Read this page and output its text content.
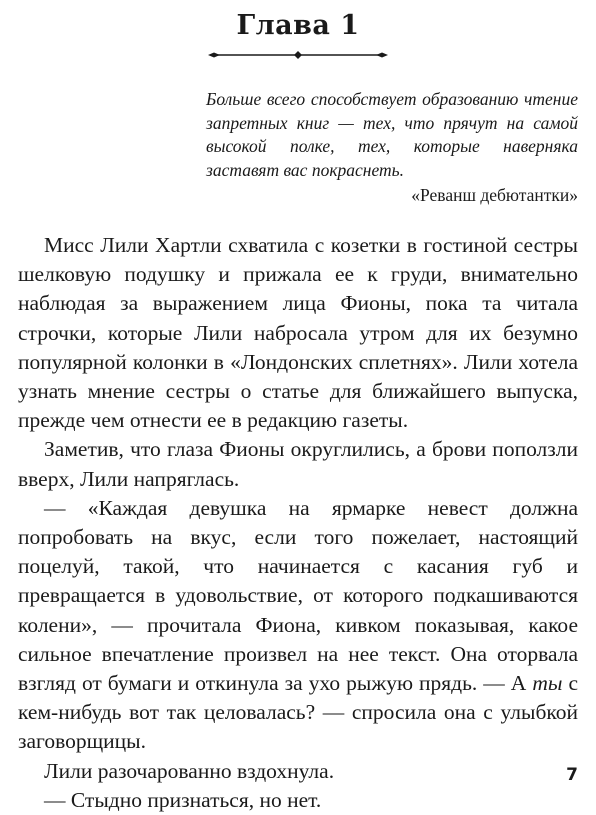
Глава 1

Больше всего способствует образованию чтение запретных книг — тех, что прячут на самой высокой полке, тех, которые наверняка заставят вас покраснеть.

«Реванш дебютантки»

Мисс Лили Хартли схватила с козетки в гостиной сестры шелковую подушку и прижала ее к груди, внимательно наблюдая за выражением лица Фионы, пока та читала строчки, которые Лили набросала утром для их безумно популярной колонки в «Лондонских сплетнях». Лили хотела узнать мнение сестры о статье для ближайшего выпуска, прежде чем отнести ее в редакцию газеты.

Заметив, что глаза Фионы округлились, а брови поползли вверх, Лили напряглась.

— «Каждая девушка на ярмарке невест должна попробовать на вкус, если того пожелает, настоящий поцелуй, такой, что начинается с касания губ и превращается в удовольствие, от которого подкашиваются колени», — прочитала Фиона, кивком показывая, какое сильное впечатление произвел на нее текст. Она оторвала взгляд от бумаги и откинула за ухо рыжую прядь. — А ты с кем-нибудь вот так целовалась? — спросила она с улыбкой заговорщицы.

Лили разочарованно вздохнула.

— Стыдно признаться, но нет.

7
